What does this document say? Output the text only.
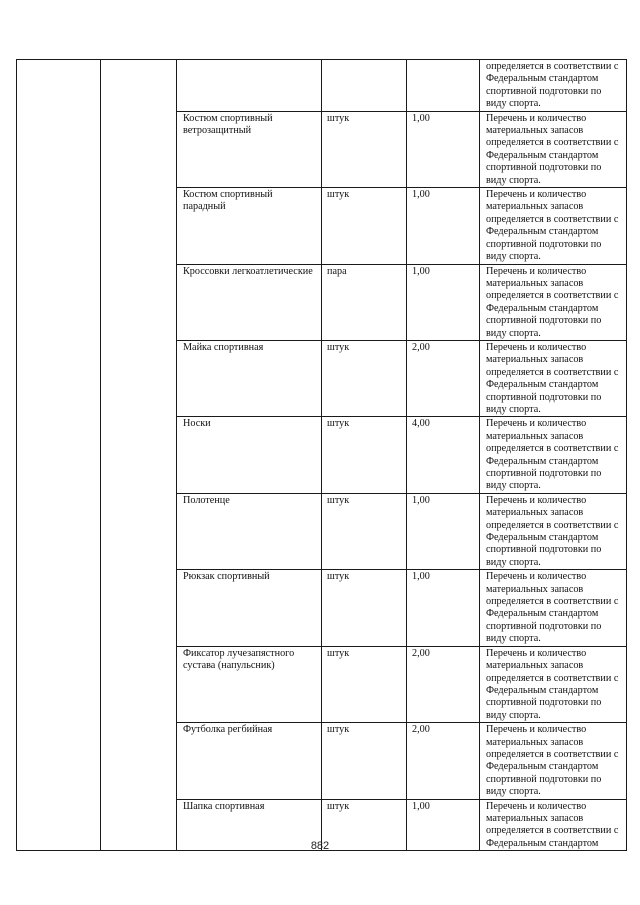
					определяется в соответствии с Федеральным стандартом спортивной подготовки по виду спорта.
		Костюм спортивный ветрозащитный	штук	1,00	Перечень и количество материальных запасов определяется в соответствии с Федеральным стандартом спортивной подготовки по виду спорта.
		Костюм спортивный парадный	штук	1,00	Перечень и количество материальных запасов определяется в соответствии с Федеральным стандартом спортивной подготовки по виду спорта.
		Кроссовки легкоатлетические	пара	1,00	Перечень и количество материальных запасов определяется в соответствии с Федеральным стандартом спортивной подготовки по виду спорта.
		Майка спортивная	штук	2,00	Перечень и количество материальных запасов определяется в соответствии с Федеральным стандартом спортивной подготовки по виду спорта.
		Носки	штук	4,00	Перечень и количество материальных запасов определяется в соответствии с Федеральным стандартом спортивной подготовки по виду спорта.
		Полотенце	штук	1,00	Перечень и количество материальных запасов определяется в соответствии с Федеральным стандартом спортивной подготовки по виду спорта.
		Рюкзак спортивный	штук	1,00	Перечень и количество материальных запасов определяется в соответствии с Федеральным стандартом спортивной подготовки по виду спорта.
		Фиксатор лучезапястного сустава (напульсник)	штук	2,00	Перечень и количество материальных запасов определяется в соответствии с Федеральным стандартом спортивной подготовки по виду спорта.
		Футболка регбийная	штук	2,00	Перечень и количество материальных запасов определяется в соответствии с Федеральным стандартом спортивной подготовки по виду спорта.
		Шапка спортивная	штук	1,00	Перечень и количество материальных запасов определяется в соответствии с Федеральным стандартом
882
